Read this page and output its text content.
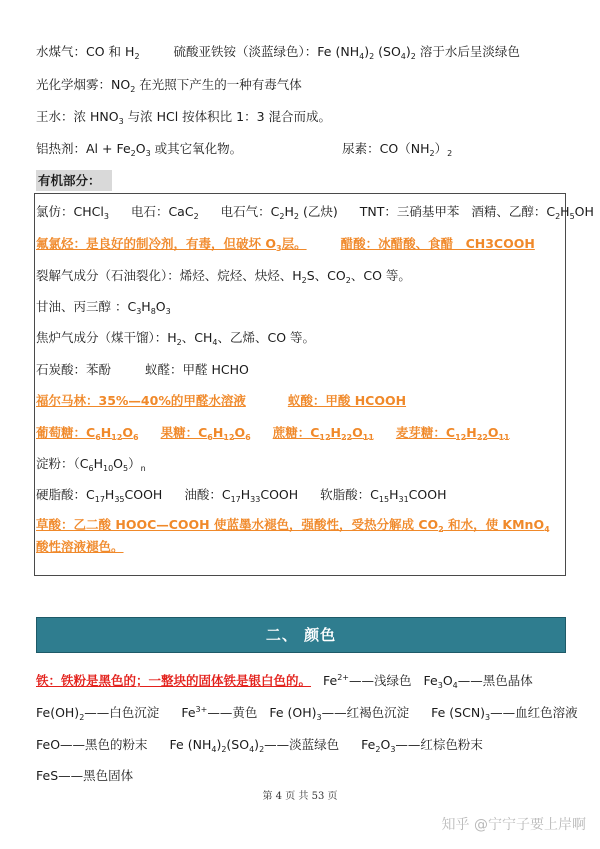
水煤气：CO 和 $H_2$	硫酸亚铁铵（淡蓝绿色）：Fe $(NH_4)_2$ $(SO_4)_2$ 溶于水后呈淡绿色
光化学烟雾：$NO_2$ 在光照下产生的一种有毒气体
王水：浓 $HNO_3$ 与浓 HCl 按体积比 1：3 混合而成。
铝热剂：$Al + Fe_2O_3$ 或其它氧化物。	尿素：$CO(NH_2)_2$
有机部分：
氯仿：CHCl$_3$ 电石：CaC$_2$ 电石气：$C_2H_2$ (乙炔) TNT：三硝基甲苯 酒精、乙醇：$C_2H_5OH$
氟氯烃：是良好的制冷剂，有毒，但破坏 $O_3$层。	醋酸：冰醋酸、食醋　CH3COOH
裂解气成分（石油裂化）：烯烃、烷烃、炔烃、$H_2S$、$CO_2$、CO 等。
甘油、丙三醇 ：$C_3H_8O_3$
焦炉气成分（煤干馏）：$H_2$、$CH_4$、乙烯、CO 等。
石炭酸：苯酚	蚁醛：甲醛 HCHO
福尔马林：35%—40%的甲醛水溶液	蚁酸：甲酸 HCOOH
葡萄糖：$C_6H_{12}O_6$ 果糖：$C_6H_{12}O_6$ 蔗糖：$C_{12}H_{22}O_{11}$ 麦芽糖：$C_{12}H_{22}O_{11}$
淀粉：$(C_6H_{10}O_5)_n$
硬脂酸：$C_{17}H_{35}COOH$ 油酸：$C_{17}H_{33}COOH$ 软脂酸：$C_{15}H_{31}COOH$
草酸：乙二酸 HOOC—COOH 使蓝墨水褪色，强酸性，受热分解成 $CO_2$ 和水，使 KMnO$_4$ 酸性溶液褪色。
二、 颜色
铁：铁粉是黑色的；一整块的固体铁是银白色的。 $Fe^{2+}——$浅绿色 $Fe_3O_4——$黑色晶体
$Fe(OH)_2——$白色沉淀 $Fe^{3+}——$黄色 Fe $(OH)_3——$红褐色沉淀 Fe $(SCN)_3——$血红色溶液
FeO——黑色的粉末 Fe $(NH_4)_2(SO_4)_2——$淡蓝绿色 $Fe_2O_3——$红棕色粉末
FeS——黑色固体
第 4 页 共 53 页
知乎 @宁宁子要上岸啊
